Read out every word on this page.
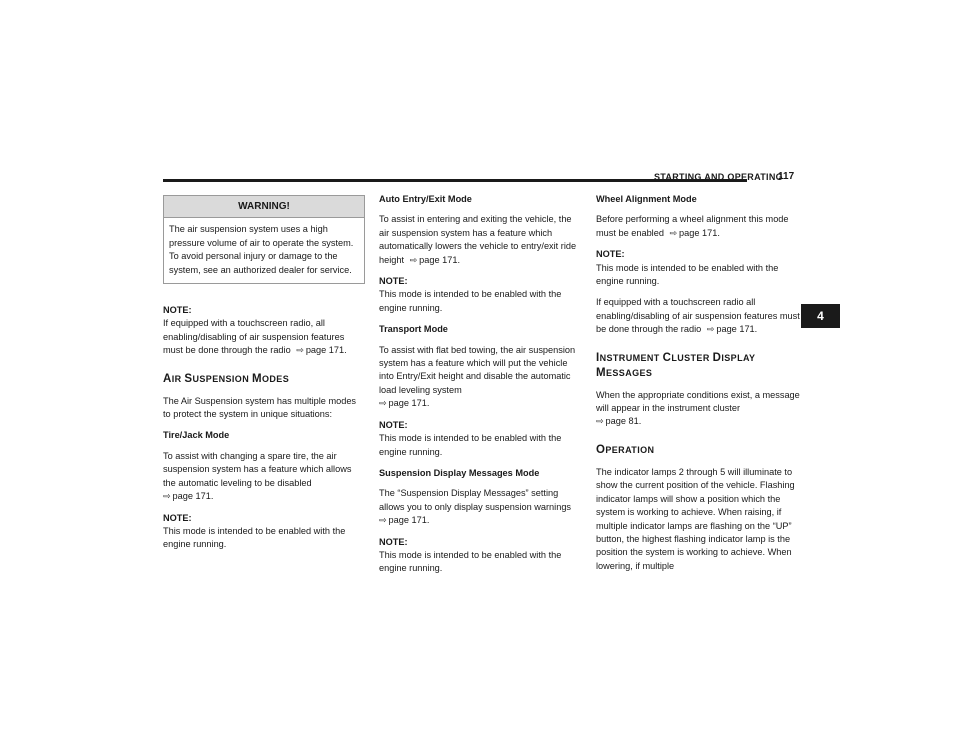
STARTING AND OPERATING
117
4
WARNING!
The air suspension system uses a high pressure volume of air to operate the system. To avoid personal injury or damage to the system, see an authorized dealer for service.

NOTE:
If equipped with a touchscreen radio, all enabling/disabling of air suspension features must be done through the radio ⇨ page 171.

AIR SUSPENSION MODES

The Air Suspension system has multiple modes to protect the system in unique situations:

Tire/Jack Mode

To assist with changing a spare tire, the air suspension system has a feature which allows the automatic leveling to be disabled
⇨ page 171.

NOTE:
This mode is intended to be enabled with the engine running.

Auto Entry/Exit Mode

To assist in entering and exiting the vehicle, the air suspension system has a feature which automatically lowers the vehicle to entry/exit ride height ⇨ page 171.

NOTE:
This mode is intended to be enabled with the engine running.

Transport Mode

To assist with flat bed towing, the air suspension system has a feature which will put the vehicle into Entry/Exit height and disable the automatic load leveling system
⇨ page 171.

NOTE:
This mode is intended to be enabled with the engine running.

Suspension Display Messages Mode

The “Suspension Display Messages” setting allows you to only display suspension warnings
⇨ page 171.

NOTE:
This mode is intended to be enabled with the engine running.

Wheel Alignment Mode

Before performing a wheel alignment this mode must be enabled ⇨ page 171.

NOTE:
This mode is intended to be enabled with the engine running.

If equipped with a touchscreen radio all enabling/disabling of air suspension features must be done through the radio ⇨ page 171.

INSTRUMENT CLUSTER DISPLAY
MESSAGES

When the appropriate conditions exist, a message will appear in the instrument cluster
⇨ page 81.

OPERATION

The indicator lamps 2 through 5 will illuminate to show the current position of the vehicle. Flashing indicator lamps will show a position which the system is working to achieve. When raising, if multiple indicator lamps are flashing on the “UP” button, the highest flashing indicator lamp is the position the system is working to achieve. When lowering, if multiple
